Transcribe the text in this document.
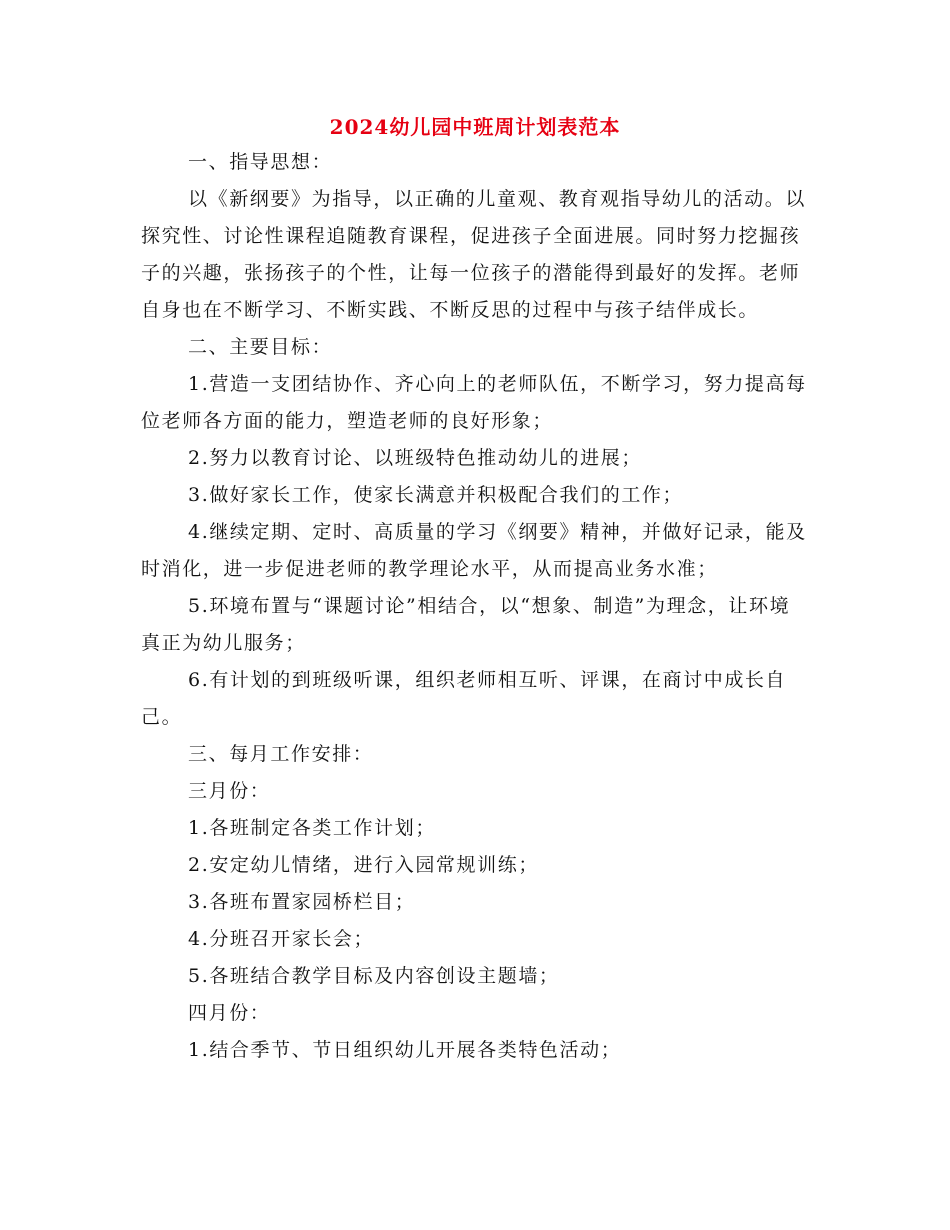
2024幼儿园中班周计划表范本

一、指导思想：

以《新纲要》为指导，以正确的儿童观、教育观指导幼儿的活动。以探究性、讨论性课程追随教育课程，促进孩子全面进展。同时努力挖掘孩子的兴趣，张扬孩子的个性，让每一位孩子的潜能得到最好的发挥。老师自身也在不断学习、不断实践、不断反思的过程中与孩子结伴成长。

二、主要目标：

1.营造一支团结协作、齐心向上的老师队伍，不断学习，努力提高每位老师各方面的能力，塑造老师的良好形象；

2.努力以教育讨论、以班级特色推动幼儿的进展；

3.做好家长工作，使家长满意并积极配合我们的工作；

4.继续定期、定时、高质量的学习《纲要》精神，并做好记录，能及时消化，进一步促进老师的教学理论水平，从而提高业务水准；

5.环境布置与“课题讨论”相结合，以“想象、制造”为理念，让环境真正为幼儿服务；

6.有计划的到班级听课，组织老师相互听、评课，在商讨中成长自己。

三、每月工作安排：

三月份：

1.各班制定各类工作计划；

2.安定幼儿情绪，进行入园常规训练；

3.各班布置家园桥栏目；

4.分班召开家长会；

5.各班结合教学目标及内容创设主题墙；

四月份：

1.结合季节、节日组织幼儿开展各类特色活动；
